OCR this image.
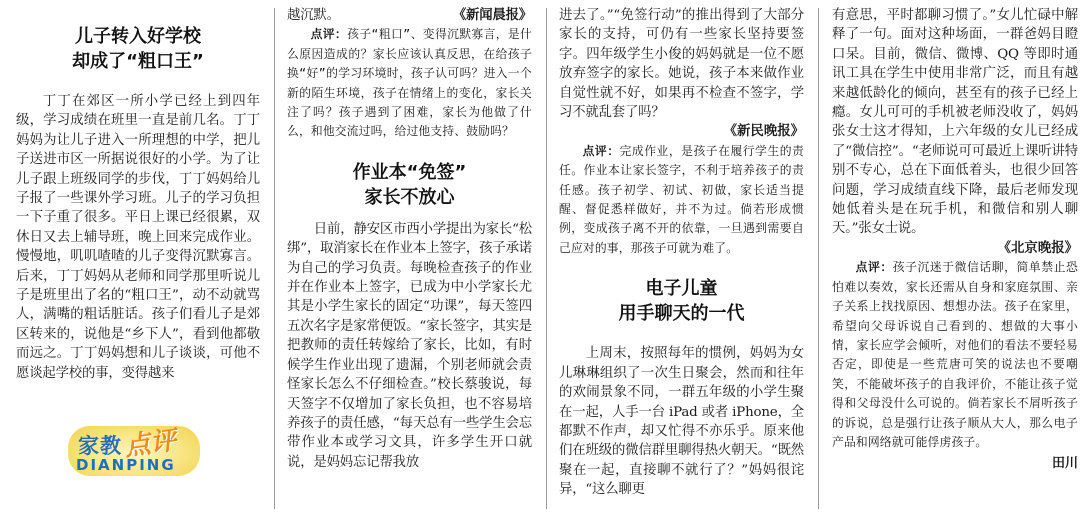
儿子转入好学校
却成了“粗口王”

丁丁在郊区一所小学已经上到四年级，学习成绩在班里一直是前几名。丁丁妈妈为让儿子进入一所理想的中学，把儿子送进市区一所据说很好的小学。为了让儿子跟上班级同学的步伐，丁丁妈妈给儿子报了一些课外学习班。儿子的学习负担一下子重了很多。平日上课已经很累，双休日又去上辅导班，晚上回来完成作业。慢慢地，叽叽喳喳的儿子变得沉默寡言。后来，丁丁妈妈从老师和同学那里听说儿子是班里出了名的“粗口王”，动不动就骂人，满嘴的粗话脏话。孩子们看儿子是郊区转来的，说他是“乡下人”，看到他都敬而远之。丁丁妈妈想和儿子谈谈，可他不愿谈起学校的事，变得越来

家教 点评
DIANPING

越沉默。	《新闻晨报》

点评：孩子“粗口”、变得沉默寡言，是什么原因造成的？家长应该认真反思，在给孩子换“好”的学习环境时，孩子认可吗？进入一个新的陌生环境，孩子在情绪上的变化，家长关注了吗？孩子遇到了困难，家长为他做了什么，和他交流过吗，给过他支持、鼓励吗？

作业本“免签”
家长不放心

日前，静安区市西小学提出为家长“松绑”，取消家长在作业本上签字，孩子承诺为自己的学习负责。每晚检查孩子的作业并在作业本上签字，已成为中小学家长尤其是小学生家长的固定“功课”，每天签四五次名字是家常便饭。“家长签字，其实是把教师的责任转嫁给了家长，比如，有时候学生作业出现了遗漏，个别老师就会责怪家长怎么不仔细检查。”校长蔡骏说，每天签字不仅增加了家长负担，也不容易培养孩子的责任感，“每天总有一些学生会忘带作业本或学习文具，许多学生开口就说，是妈妈忘记帮我放

进去了。”“免签行动”的推出得到了大部分家长的支持，可仍有一些家长坚持要签字。四年级学生小俊的妈妈就是一位不愿放弃签字的家长。她说，孩子本来做作业自觉性就不好，如果再不检查不签字，学习不就乱套了吗？

《新民晚报》

点评：完成作业，是孩子在履行学生的责任。作业本让家长签字，不利于培养孩子的责任感。孩子初学、初试、初做，家长适当提醒、督促悉样做好，并不为过。倘若形成惯例，变成孩子离不开的依靠，一旦遇到需要自己应对的事，那孩子可就为难了。

电子儿童
用手聊天的一代

上周末，按照每年的惯例，妈妈为女儿琳琳组织了一次生日聚会，然而和往年的欢闹景象不同，一群五年级的小学生聚在一起，人手一台 iPad 或者 iPhone，全都默不作声，却又忙得不亦乐乎。原来他们在班级的微信群里聊得热火朝天。“既然聚在一起，直接聊不就行了？”妈妈很诧异，“这么聊更

有意思，平时都聊习惯了。”女儿忙碌中解释了一句。面对这种场面，一群爸妈目瞪口呆。目前，微信、微博、QQ 等即时通讯工具在学生中使用非常广泛，而且有越来越低龄化的倾向，甚至有的孩子已经上瘾。女儿可可的手机被老师没收了，妈妈张女士这才得知，上六年级的女儿已经成了“微信控”。“老师说可可最近上课听讲特别不专心，总在下面低着头，也很少回答问题，学习成绩直线下降，最后老师发现她低着头是在玩手机，和微信和别人聊天。”张女士说。

《北京晚报》

点评：孩子沉迷于微信话聊，简单禁止恐怕难以奏效，家长还需从自身和家庭氛围、亲子关系上找找原因、想想办法。孩子在家里，希望向父母诉说自己看到的、想做的大事小情，家长应学会倾听，对他们的看法不要轻易否定，即使是一些荒唐可笑的说法也不要嘲笑，不能破坏孩子的自我评价，不能让孩子觉得和父母没什么可说的。倘若家长不屑听孩子的诉说，总是强行让孩子顺从大人，那么电子产品和网络就可能俘虏孩子。

田川
